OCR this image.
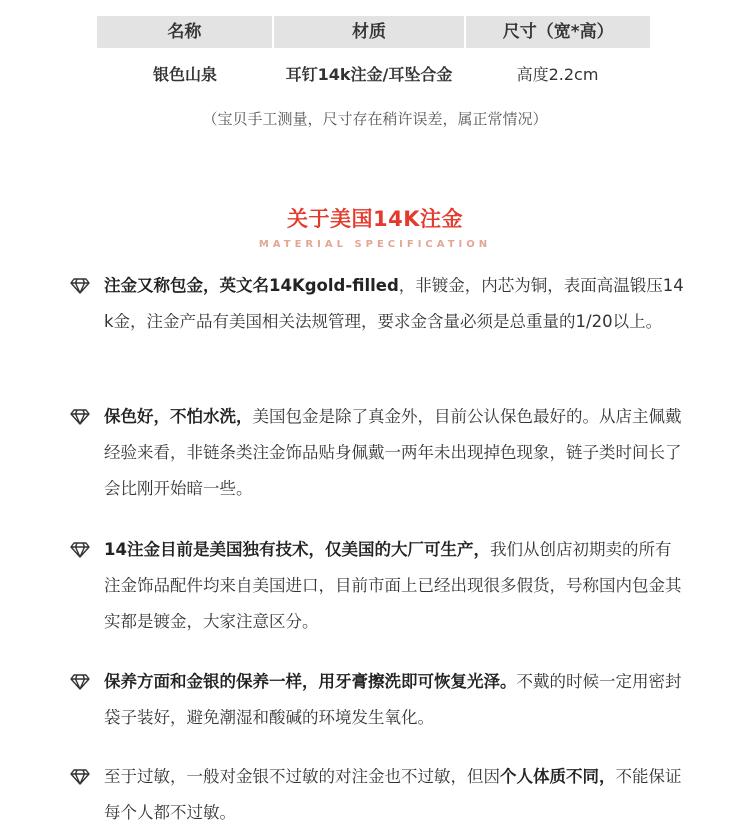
名称	材质	尺寸（宽*高）
银色山泉	耳钉14k注金/耳坠合金	高度2.2cm
（宝贝手工测量，尺寸存在稍许误差，属正常情况）
关于美国14K注金
MATERIAL SPECIFICATION
注金又称包金，英文名14Kgold-filled，非镀金，内芯为铜，表面高温锻压14k金，注金产品有美国相关法规管理，要求金含量必须是总重量的1/20以上。
保色好，不怕水洗，美国包金是除了真金外，目前公认保色最好的。从店主佩戴经验来看，非链条类注金饰品贴身佩戴一两年未出现掉色现象，链子类时间长了会比刚开始暗一些。
14注金目前是美国独有技术，仅美国的大厂可生产，我们从创店初期卖的所有注金饰品配件均来自美国进口，目前市面上已经出现很多假货，号称国内包金其实都是镀金，大家注意区分。
保养方面和金银的保养一样，用牙膏擦洗即可恢复光泽。不戴的时候一定用密封袋子装好，避免潮湿和酸碱的环境发生氧化。
至于过敏，一般对金银不过敏的对注金也不过敏，但因个人体质不同，不能保证每个人都不过敏。
